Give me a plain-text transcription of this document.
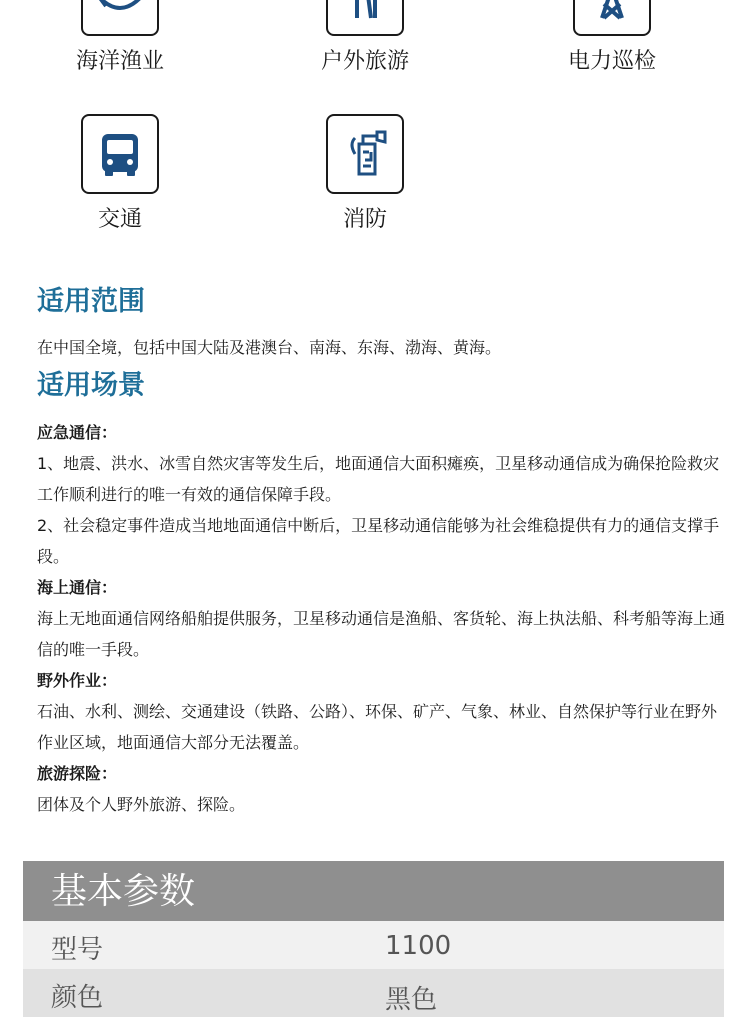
海洋渔业	户外旅游	电力巡检
交通	消防
适用范围
在中国全境，包括中国大陆及港澳台、南海、东海、渤海、黄海。
适用场景
应急通信：
1、地震、洪水、冰雪自然灾害等发生后，地面通信大面积瘫痪，卫星移动通信成为确保抢险救灾工作顺利进行的唯一有效的通信保障手段。
2、社会稳定事件造成当地地面通信中断后，卫星移动通信能够为社会维稳提供有力的通信支撑手段。
海上通信：
海上无地面通信网络船舶提供服务，卫星移动通信是渔船、客货轮、海上执法船、科考船等海上通信的唯一手段。
野外作业：
石油、水利、测绘、交通建设（铁路、公路）、环保、矿产、气象、林业、自然保护等行业在野外作业区域，地面通信大部分无法覆盖。
旅游探险：
团体及个人野外旅游、探险。
基本参数
型号	1100
颜色	黑色
